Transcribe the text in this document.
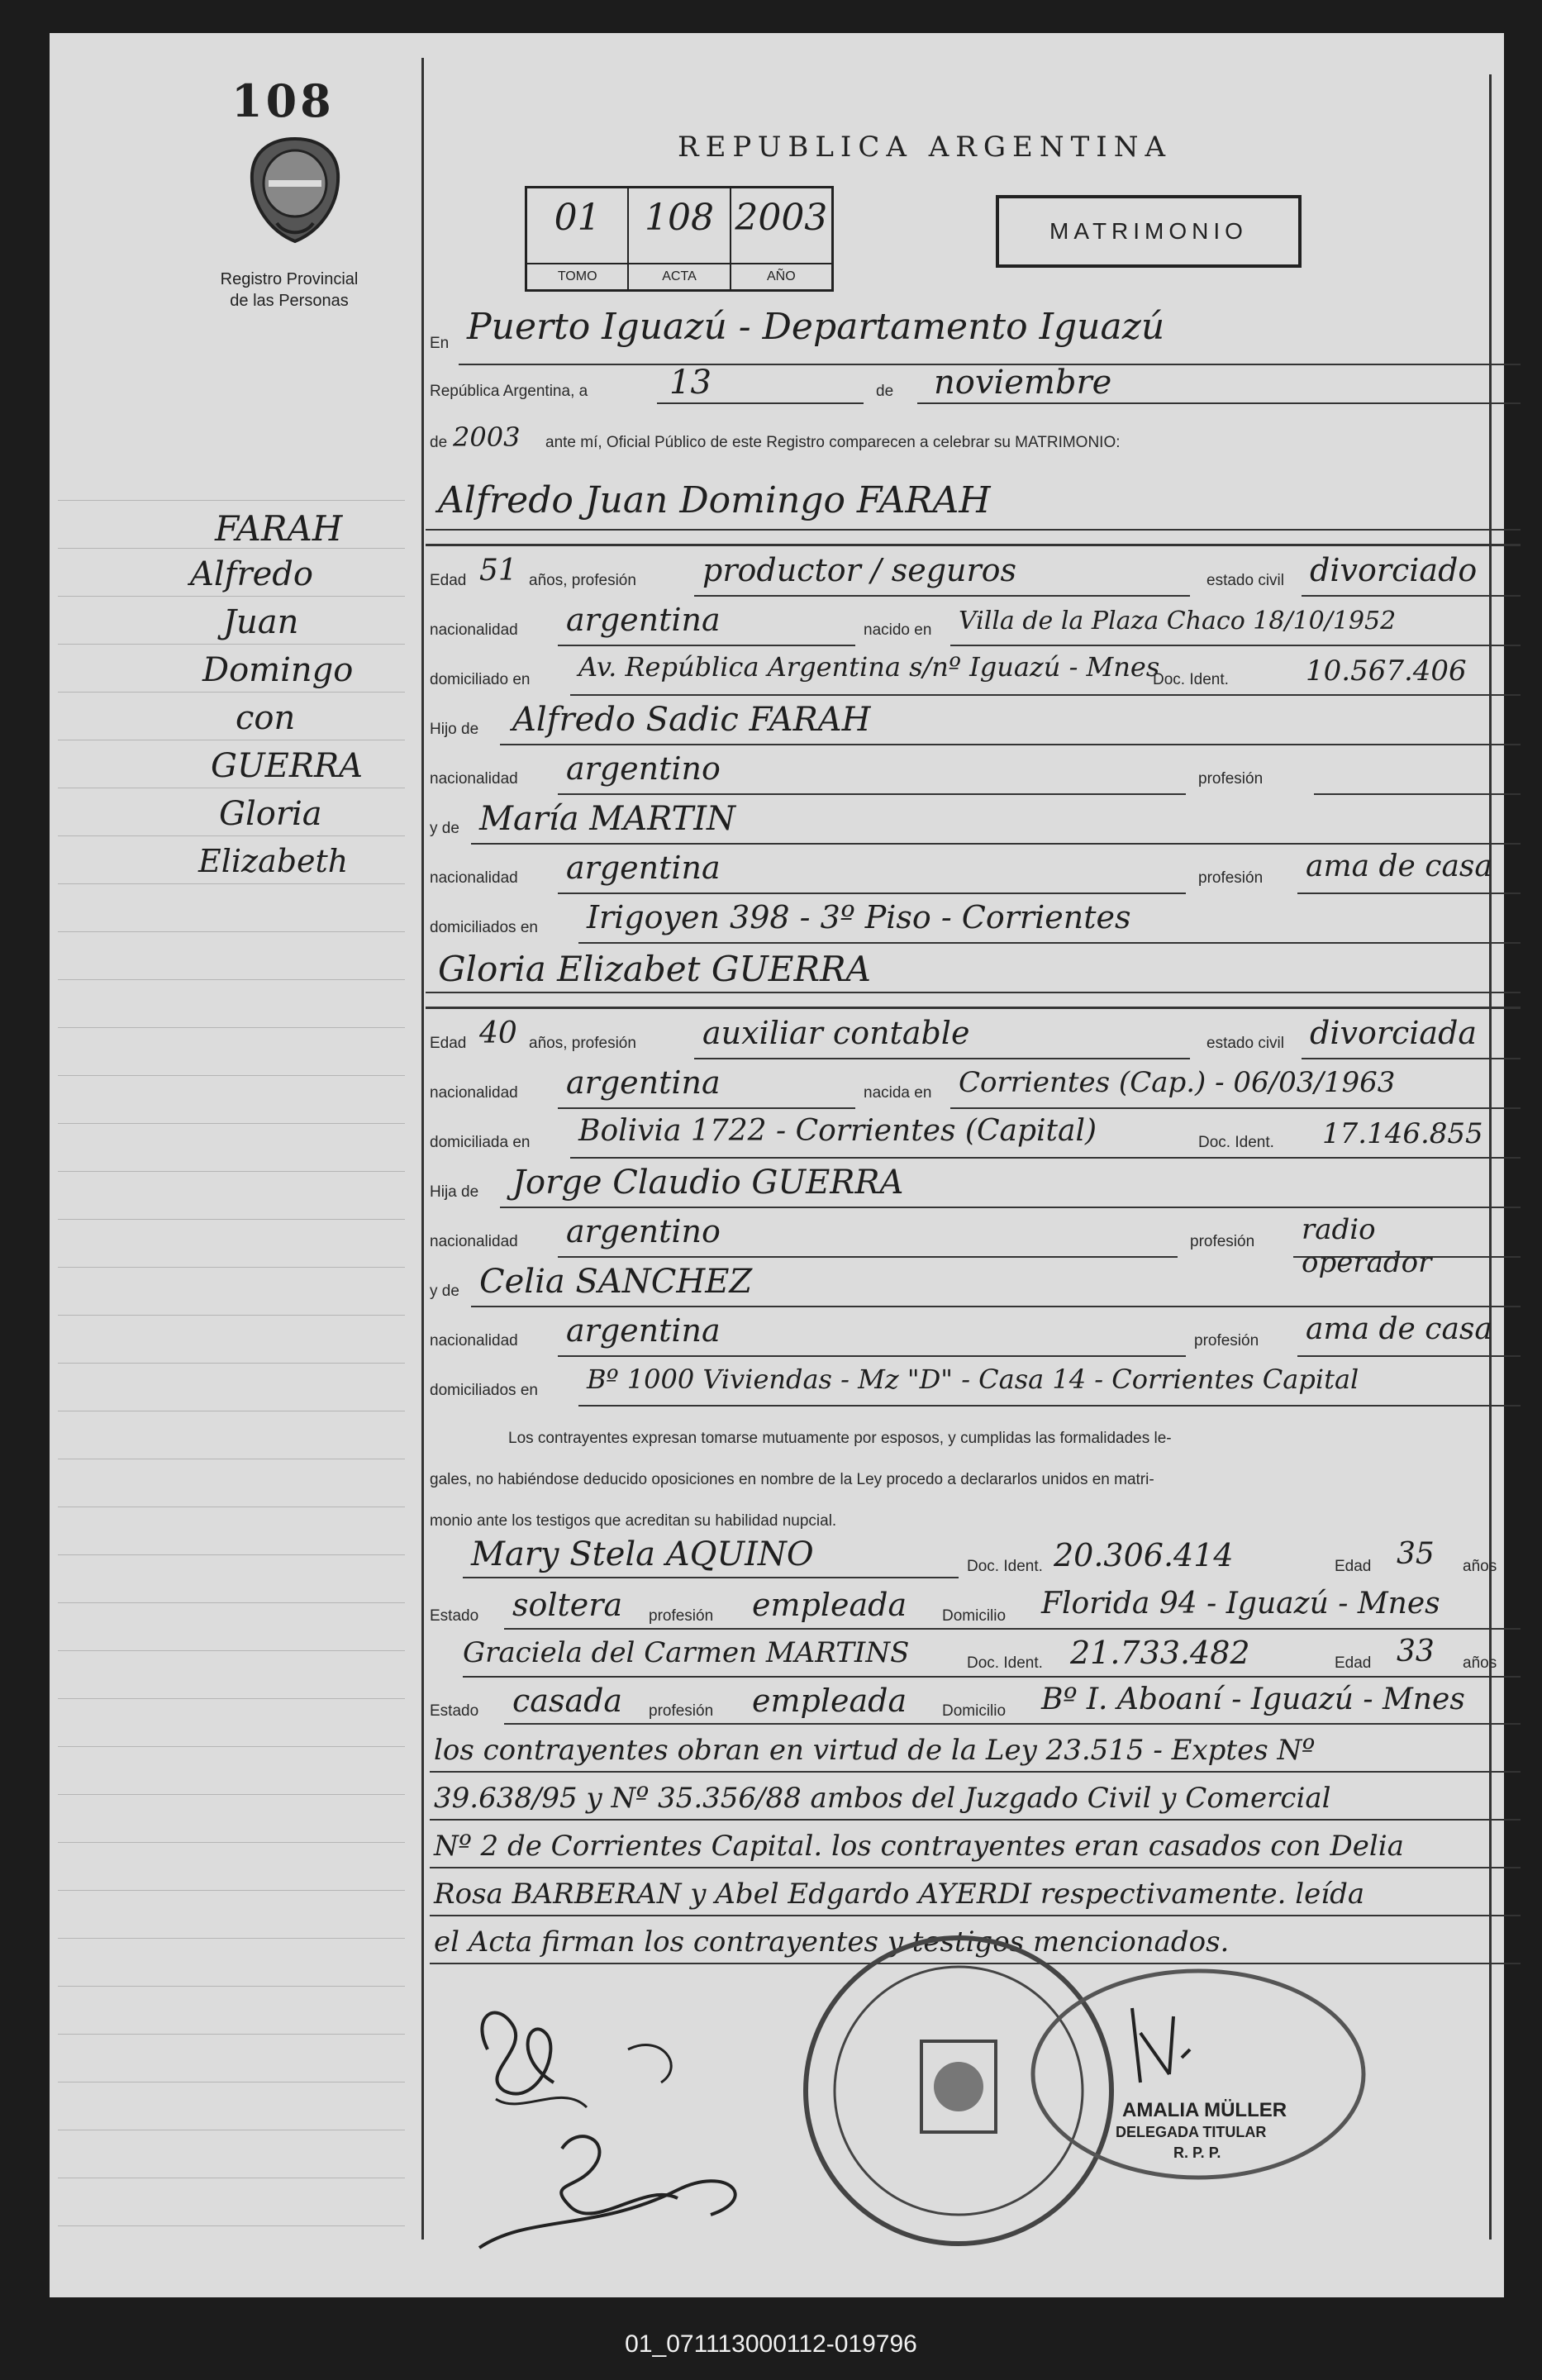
108
Registro Provincial
de las Personas
REPUBLICA ARGENTINA
01
TOMO
108
ACTA
2003
AÑO
MATRIMONIO
FARAH
Alfredo
Juan
Domingo
con
GUERRA
Gloria
Elizabeth
En Puerto Iguazú - Departamento Iguazú
República Argentina, a 13	de noviembre
de 2003 ante mí, Oficial Público de este Registro comparecen a celebrar su MATRIMONIO:
Alfredo Juan Domingo FARAH
Edad 51 años, profesión productor / seguros	estado civil divorciado
nacionalidad argentina	nacido en Villa de la Plaza Chaco 18/10/1952
domiciliado en Av. República Argentina s/nº Iguazú - Mnes
Doc. Ident.	10.567.406
Hijo de Alfredo Sadic FARAH
nacionalidad argentino	profesión
y de María MARTIN
nacionalidad argentina	profesión ama de casa
domiciliados en Irigoyen 398 - 3º Piso - Corrientes
Gloria Elizabet GUERRA
Edad 40 años, profesión auxiliar contable	estado civil divorciada
nacionalidad argentina	nacida en Corrientes (Cap.) - 06/03/1963
domiciliada en Bolivia 1722 - Corrientes (Capital)	Doc. Ident. 17.146.855
Hija de Jorge Claudio GUERRA
nacionalidad argentino	profesión radio operador
y de Celia SANCHEZ
nacionalidad argentina	profesión ama de casa
domiciliados en Bº 1000 Viviendas - Mz "D" - Casa 14 - Corrientes Capital
Los contrayentes expresan tomarse mutuamente por esposos, y cumplidas las formalidades le-
gales, no habiéndose deducido oposiciones en nombre de la Ley procedo a declararlos unidos en matri-
monio ante los testigos que acreditan su habilidad nupcial.
Mary Stela AQUINO	Doc. Ident. 20.306.414	Edad 35 años
Estado soltera profesión empleada Domicilio Florida 94 - Iguazú - Mnes
Graciela del Carmen MARTINS	Doc. Ident. 21.733.482	Edad 33 años
Estado casada profesión empleada Domicilio Bº I. Aboaní - Iguazú - Mnes
los contrayentes obran en virtud de la Ley 23.515 - Exptes Nº
39.638/95 y Nº 35.356/88 ambos del Juzgado Civil y Comercial
Nº 2 de Corrientes Capital. los contrayentes eran casados con Delia
Rosa BARBERAN y Abel Edgardo AYERDI respectivamente. leída
el Acta firman los contrayentes y testigos mencionados.
AMALIA MÜLLER
DELEGADA TITULAR
R. P. P.
01_071113000112-019796
